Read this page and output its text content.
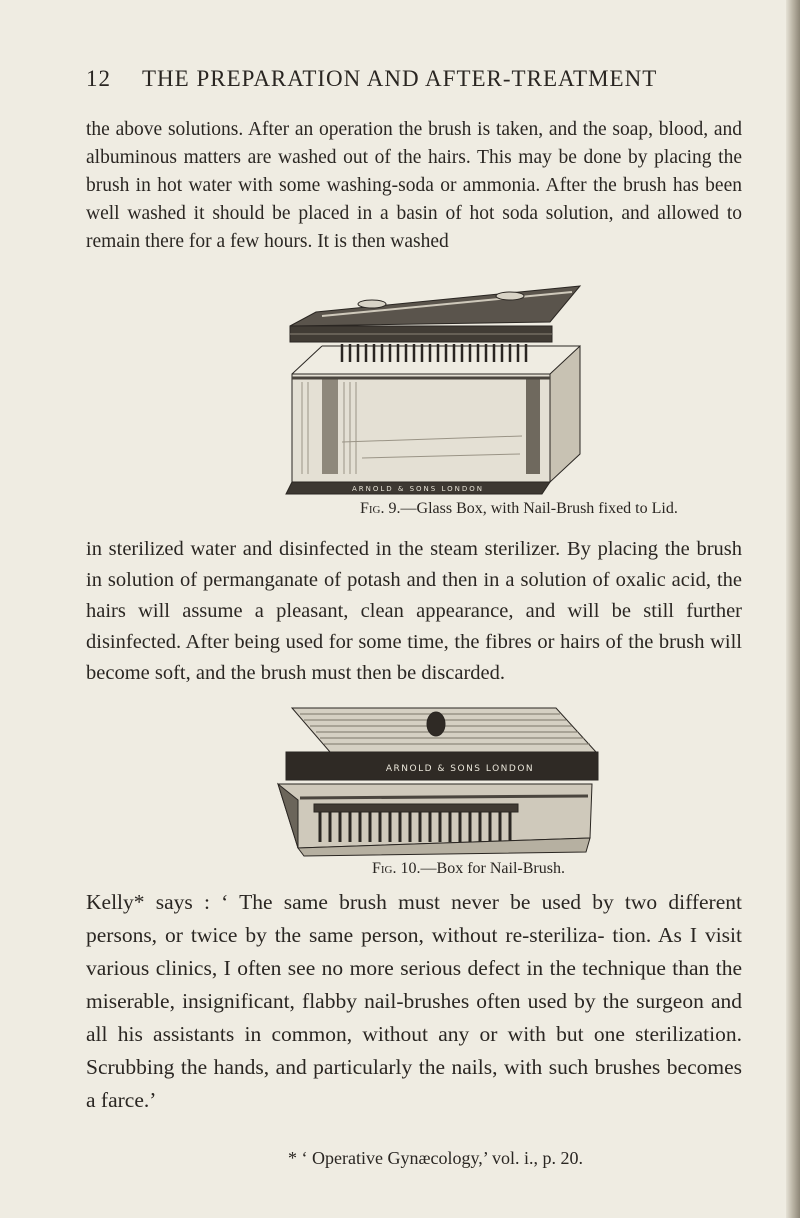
12 THE PREPARATION AND AFTER-TREATMENT

the above solutions. After an operation the brush is taken, and the soap, blood, and albuminous matters are washed out of the hairs. This may be done by placing the brush in hot water with some washing-soda or ammonia. After the brush has been well washed it should be placed in a basin of hot soda solution, and allowed to remain there for a few hours. It is then washed

ARNOLD & SONS LONDON
Fig. 9.—Glass Box, with Nail-Brush fixed to Lid.

in sterilized water and disinfected in the steam sterilizer. By placing the brush in solution of permanganate of potash and then in a solution of oxalic acid, the hairs will assume a pleasant, clean appearance, and will be still further disinfected. After being used for some time, the fibres or hairs of the brush will become soft, and the brush must then be discarded.

ARNOLD & SONS LONDON
Fig. 10.—Box for Nail-Brush.

Kelly* says : ‘ The same brush must never be used by two different persons, or twice by the same person, without re-steriliza- tion. As I visit various clinics, I often see no more serious defect in the technique than the miserable, insignificant, flabby nail-brushes often used by the surgeon and all his assistants in common, without any or with but one sterilization. Scrubbing the hands, and particularly the nails, with such brushes becomes a farce.’

* ‘ Operative Gynæcology,’ vol. i., p. 20.
